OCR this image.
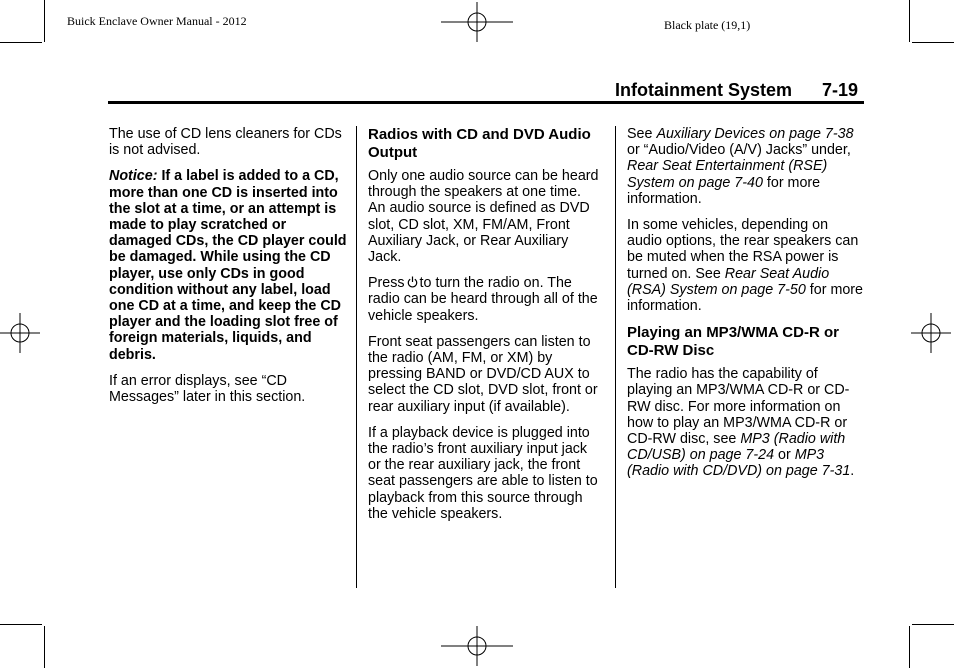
Buick Enclave Owner Manual - 2012	Black plate (19,1)
Infotainment System 7-19

The use of CD lens cleaners for CDs is not advised.

Notice: If a label is added to a CD, more than one CD is inserted into the slot at a time, or an attempt is made to play scratched or damaged CDs, the CD player could be damaged. While using the CD player, use only CDs in good condition without any label, load one CD at a time, and keep the CD player and the loading slot free of foreign materials, liquids, and debris.

If an error displays, see “CD Messages” later in this section.

Radios with CD and DVD Audio Output

Only one audio source can be heard through the speakers at one time. An audio source is defined as DVD slot, CD slot, XM, FM/AM, Front Auxiliary Jack, or Rear Auxiliary Jack.

Press to turn the radio on. The radio can be heard through all of the vehicle speakers.

Front seat passengers can listen to the radio (AM, FM, or XM) by pressing BAND or DVD/CD AUX to select the CD slot, DVD slot, front or rear auxiliary input (if available).

If a playback device is plugged into the radio’s front auxiliary input jack or the rear auxiliary jack, the front seat passengers are able to listen to playback from this source through the vehicle speakers.

See Auxiliary Devices on page 7-38 or “Audio/Video (A/V) Jacks” under, Rear Seat Entertainment (RSE) System on page 7-40 for more information.

In some vehicles, depending on audio options, the rear speakers can be muted when the RSA power is turned on. See Rear Seat Audio (RSA) System on page 7-50 for more information.

Playing an MP3/WMA CD-R or CD-RW Disc

The radio has the capability of playing an MP3/WMA CD-R or CD-RW disc. For more information on how to play an MP3/WMA CD-R or CD-RW disc, see MP3 (Radio with CD/USB) on page 7-24 or MP3 (Radio with CD/DVD) on page 7-31.
